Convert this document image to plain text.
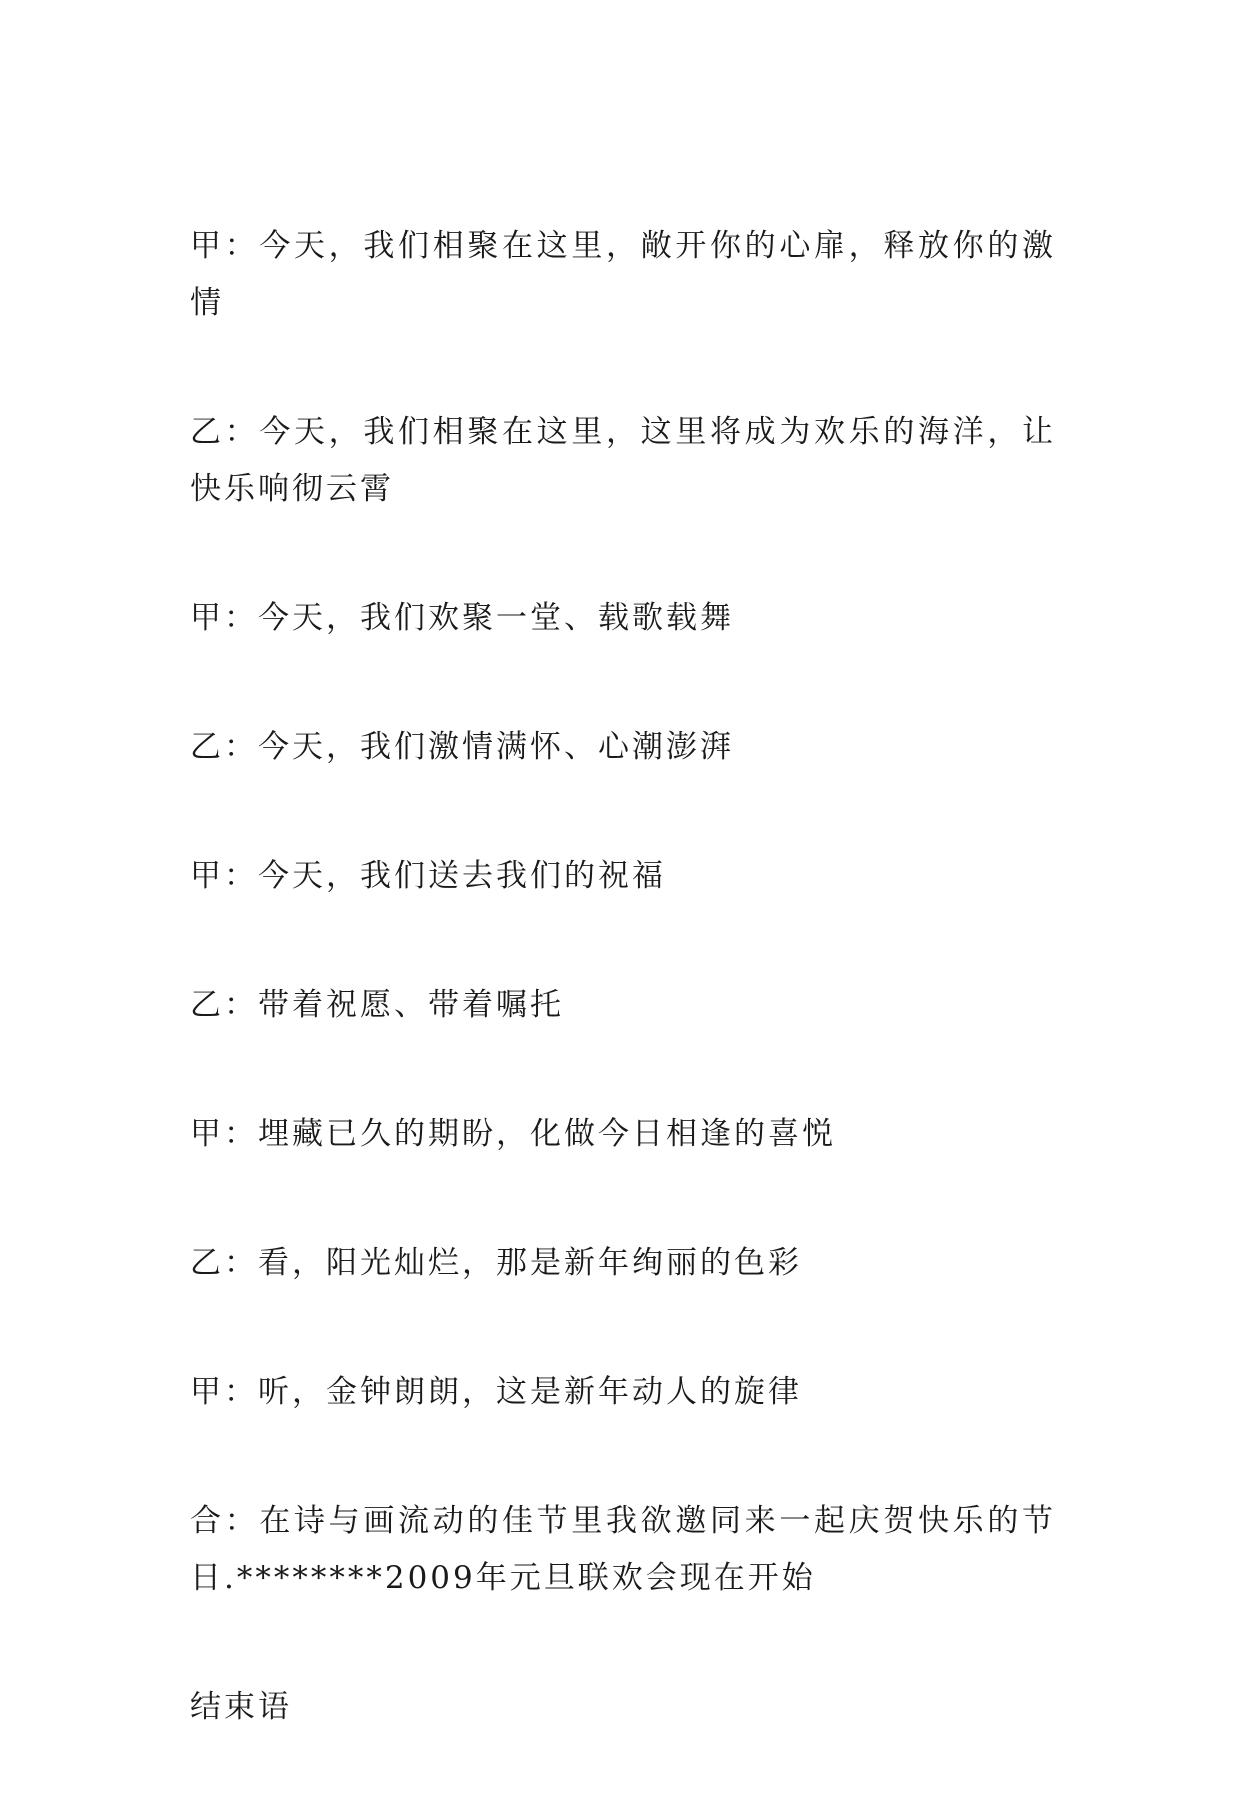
甲：今天，我们相聚在这里，敞开你的心扉，释放你的激情

乙：今天，我们相聚在这里，这里将成为欢乐的海洋，让快乐响彻云霄

甲：今天，我们欢聚一堂、载歌载舞

乙：今天，我们激情满怀、心潮澎湃

甲：今天，我们送去我们的祝福

乙：带着祝愿、带着嘱托

甲：埋藏已久的期盼，化做今日相逢的喜悦

乙：看，阳光灿烂，那是新年绚丽的色彩

甲：听，金钟朗朗，这是新年动人的旋律

合：在诗与画流动的佳节里我欲邀同来一起庆贺快乐的节日.********2009年元旦联欢会现在开始

结束语
